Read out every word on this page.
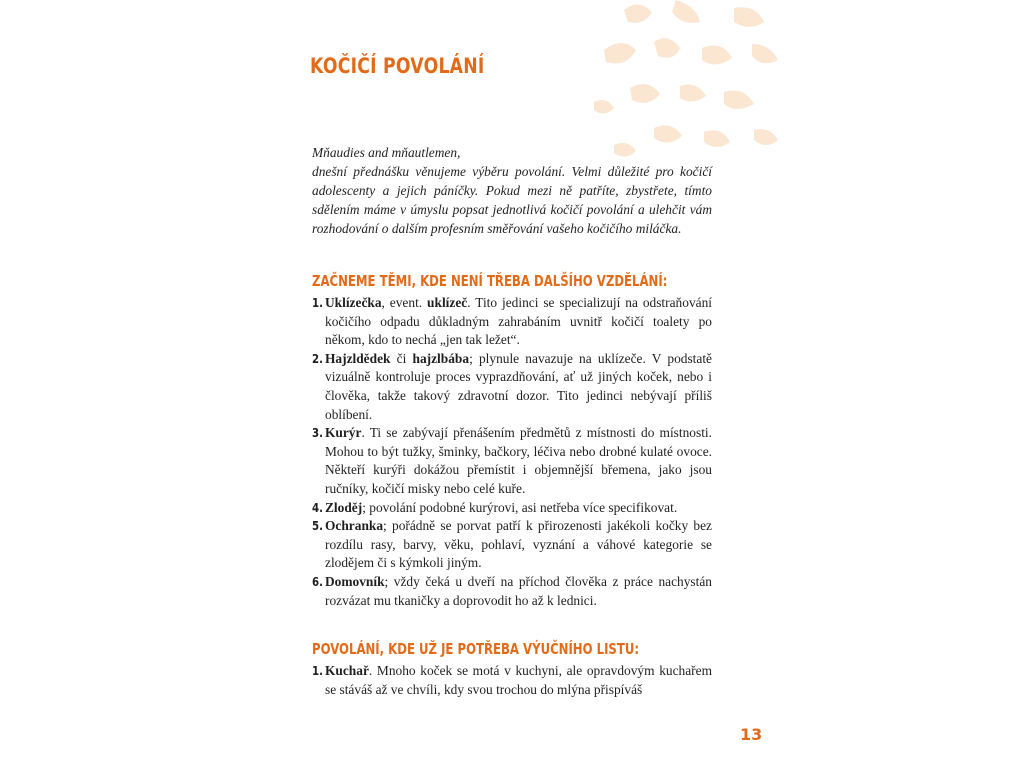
KOČIČÍ POVOLÁNÍ

Mňaudies and mňautlemen,

dnešní přednášku věnujeme výběru povolání. Velmi důležité pro kočičí adolescenty a jejich páníčky. Pokud mezi ně patříte, zbystřete, tímto sdělením máme v úmyslu popsat jednotlivá kočičí povolání a ulehčit vám rozhodování o dalším profesním směřování vašeho kočičího miláčka.

ZAČNEME TĚMI, KDE NENÍ TŘEBA DALŠÍHO VZDĚLÁNÍ:
1. Uklízečka, event. uklízeč. Tito jedinci se specializují na odstraňování kočičího odpadu důkladným zahrabáním uvnitř kočičí toalety po někom, kdo to nechá „jen tak ležet“.
2. Hajzldědek či hajzlbába; plynule navazuje na uklízeče. V podstatě vizuálně kontroluje proces vyprazdňování, ať už jiných koček, nebo i člověka, takže takový zdravotní dozor. Tito jedinci nebývají příliš oblíbení.
3. Kurýr. Ti se zabývají přenášením předmětů z místnosti do místnosti. Mohou to být tužky, šminky, bačkory, léčiva nebo drobné kulaté ovoce. Někteří kurýři dokážou přemístit i objemnější břemena, jako jsou ručníky, kočičí misky nebo celé kuře.
4. Zloděj; povolání podobné kurýrovi, asi netřeba více specifikovat.
5. Ochranka; pořádně se porvat patří k přirozenosti jakékoli kočky bez rozdílu rasy, barvy, věku, pohlaví, vyznání a váhové kategorie se zlodějem či s kýmkoli jiným.
6. Domovník; vždy čeká u dveří na příchod člověka z práce nachystán rozvázat mu tkaničky a doprovodit ho až k lednici.
POVOLÁNÍ, KDE UŽ JE POTŘEBA VÝUČNÍHO LISTU:
1. Kuchař. Mnoho koček se motá v kuchyni, ale opravdovým kuchařem se stáváš až ve chvíli, kdy svou trochou do mlýna přispíváš
13
